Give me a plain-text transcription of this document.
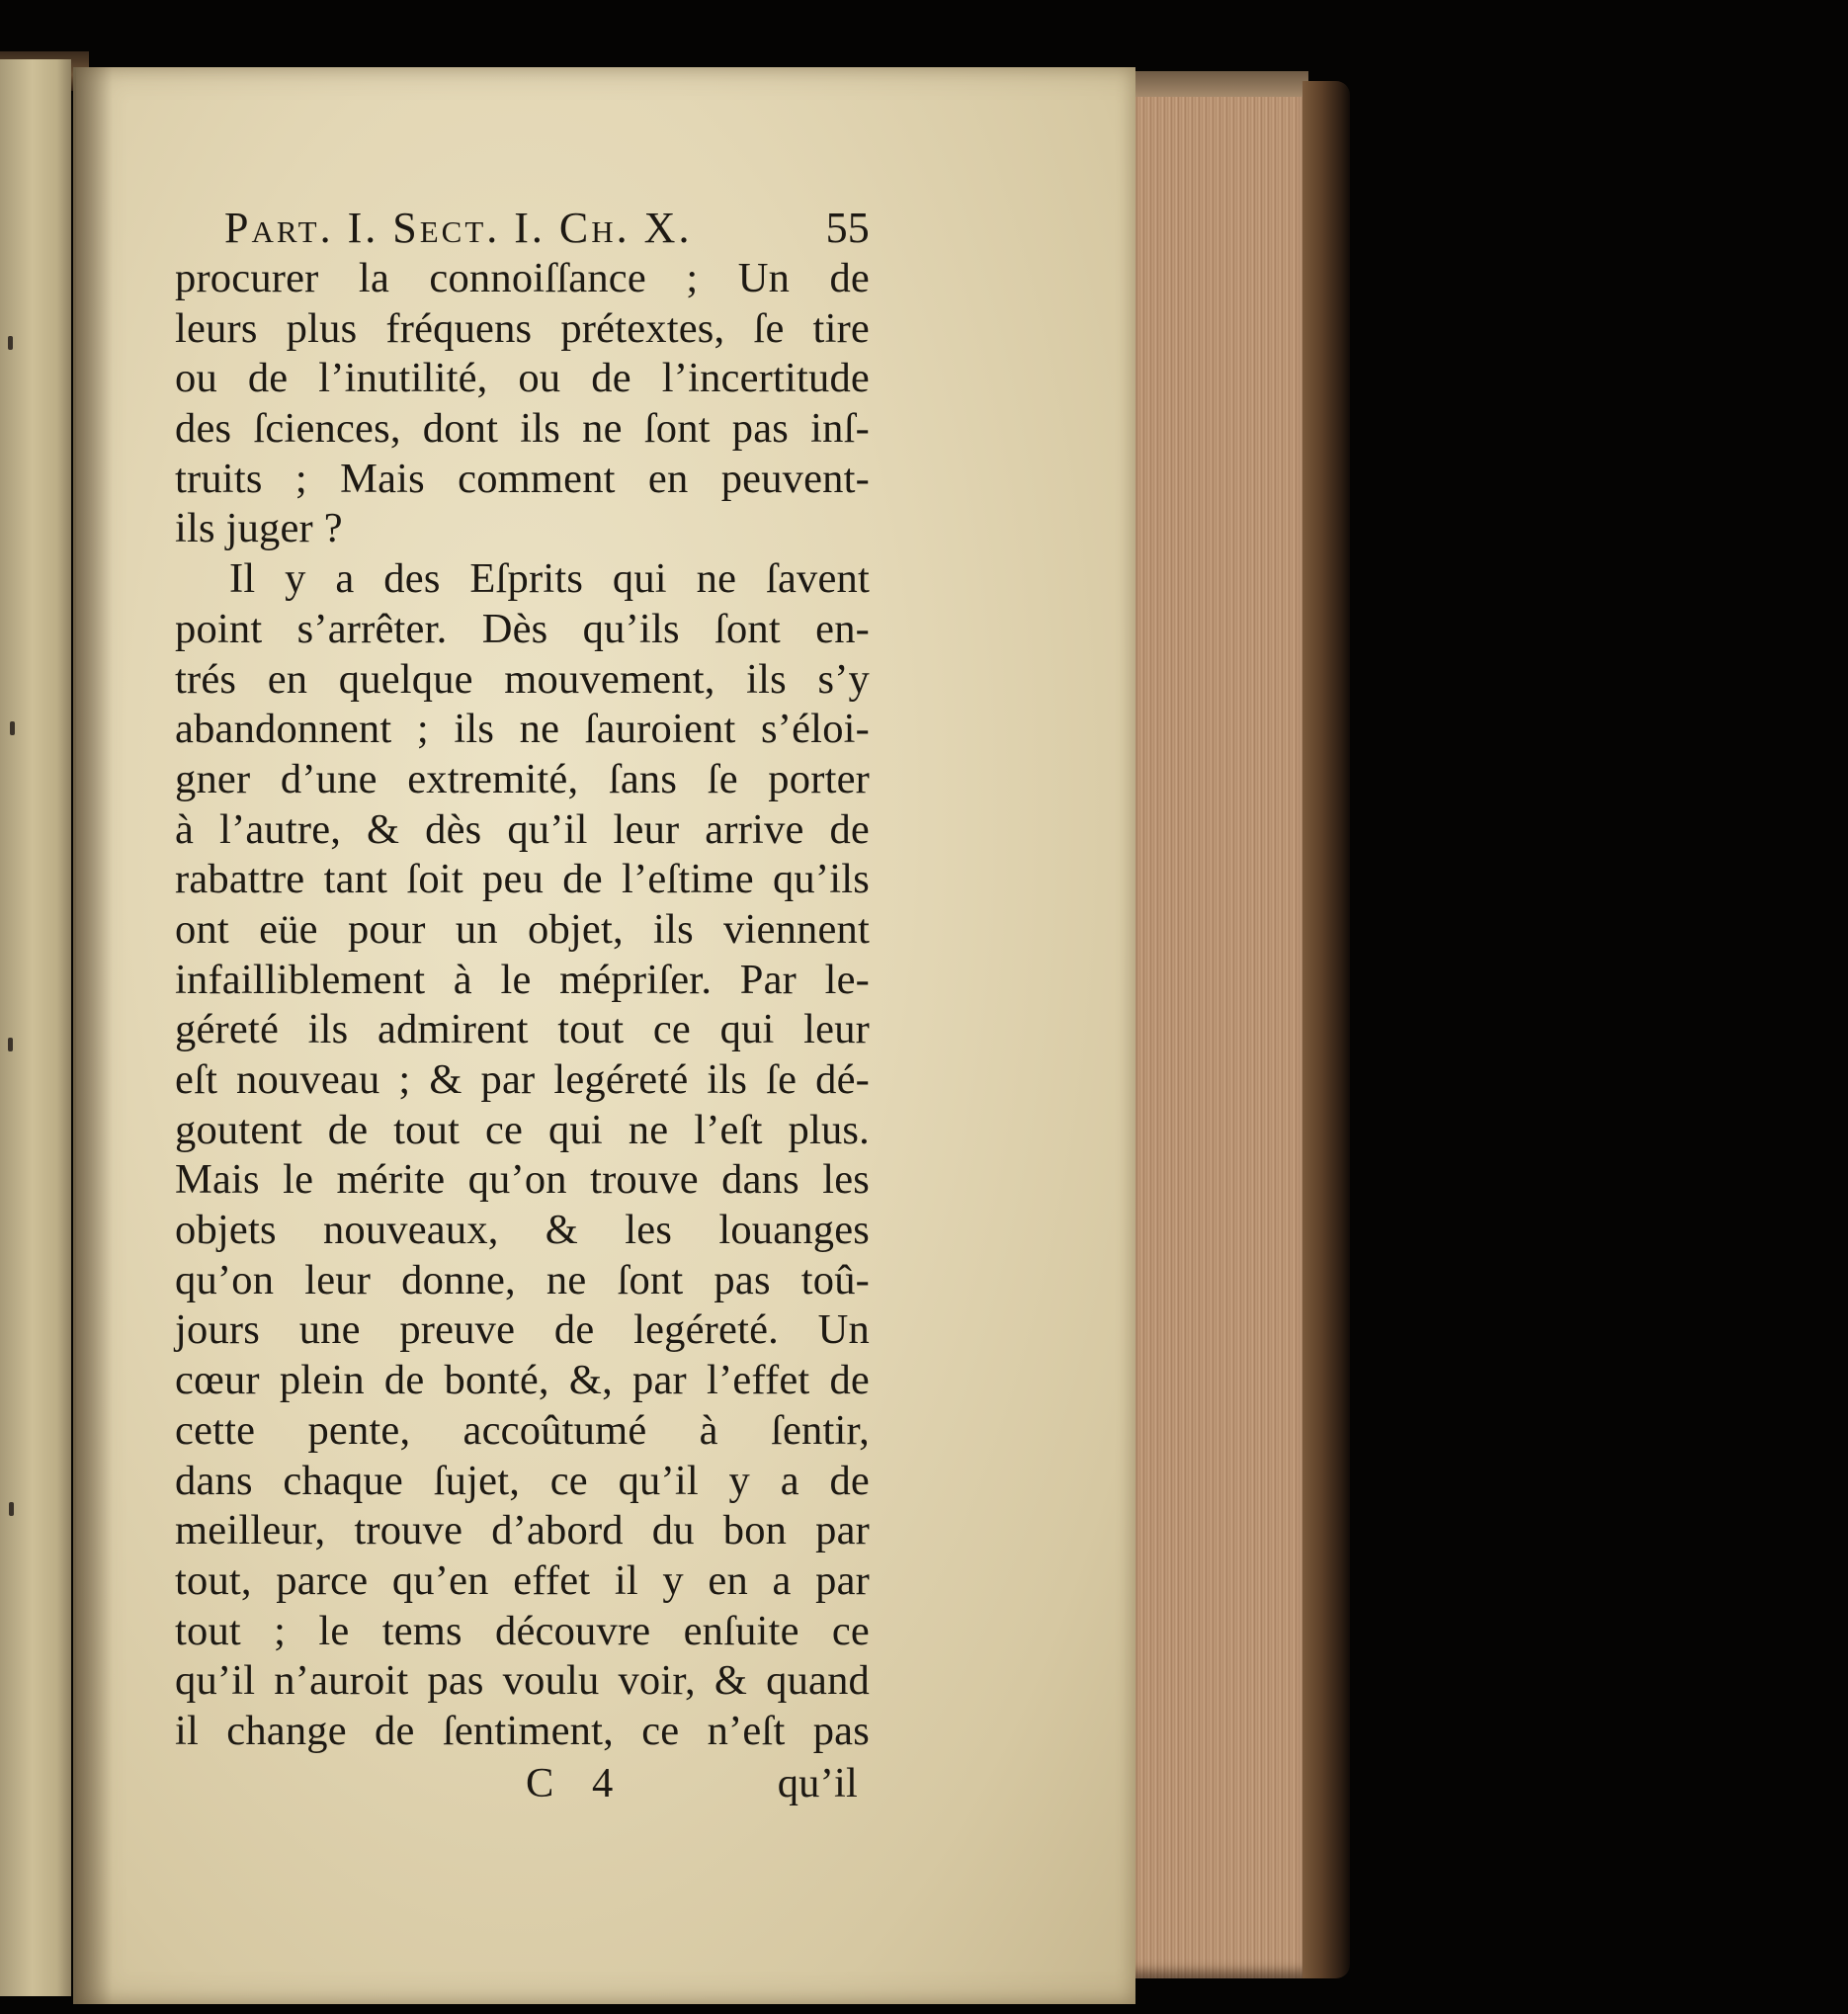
Part. I. Sect. I. Ch. X.	55
procurer la connoiſſance ; Un de
leurs plus fréquens prétextes, ſe tire
ou de l’inutilité, ou de l’incertitude
des ſciences, dont ils ne ſont pas inſ-
truits ; Mais comment en peuvent-
ils juger ?
Il y a des Eſprits qui ne ſavent
point s’arrêter. Dès qu’ils ſont en-
trés en quelque mouvement, ils s’y
abandonnent ; ils ne ſauroient s’éloi-
gner d’une extremité, ſans ſe porter
à l’autre, & dès qu’il leur arrive de
rabattre tant ſoit peu de l’eſtime qu’ils
ont eüe pour un objet, ils viennent
infailliblement à le mépriſer. Par le-
géreté ils admirent tout ce qui leur
eſt nouveau ; & par legéreté ils ſe dé-
goutent de tout ce qui ne l’eſt plus.
Mais le mérite qu’on trouve dans les
objets nouveaux, & les louanges
qu’on leur donne, ne ſont pas toû-
jours une preuve de legéreté. Un
cœur plein de bonté, &, par l’effet de
cette pente, accoûtumé à ſentir,
dans chaque ſujet, ce qu’il y a de
meilleur, trouve d’abord du bon par
tout, parce qu’en effet il y en a par
tout ; le tems découvre enſuite ce
qu’il n’auroit pas voulu voir, & quand
il change de ſentiment, ce n’eſt pas
C 4	qu’il
